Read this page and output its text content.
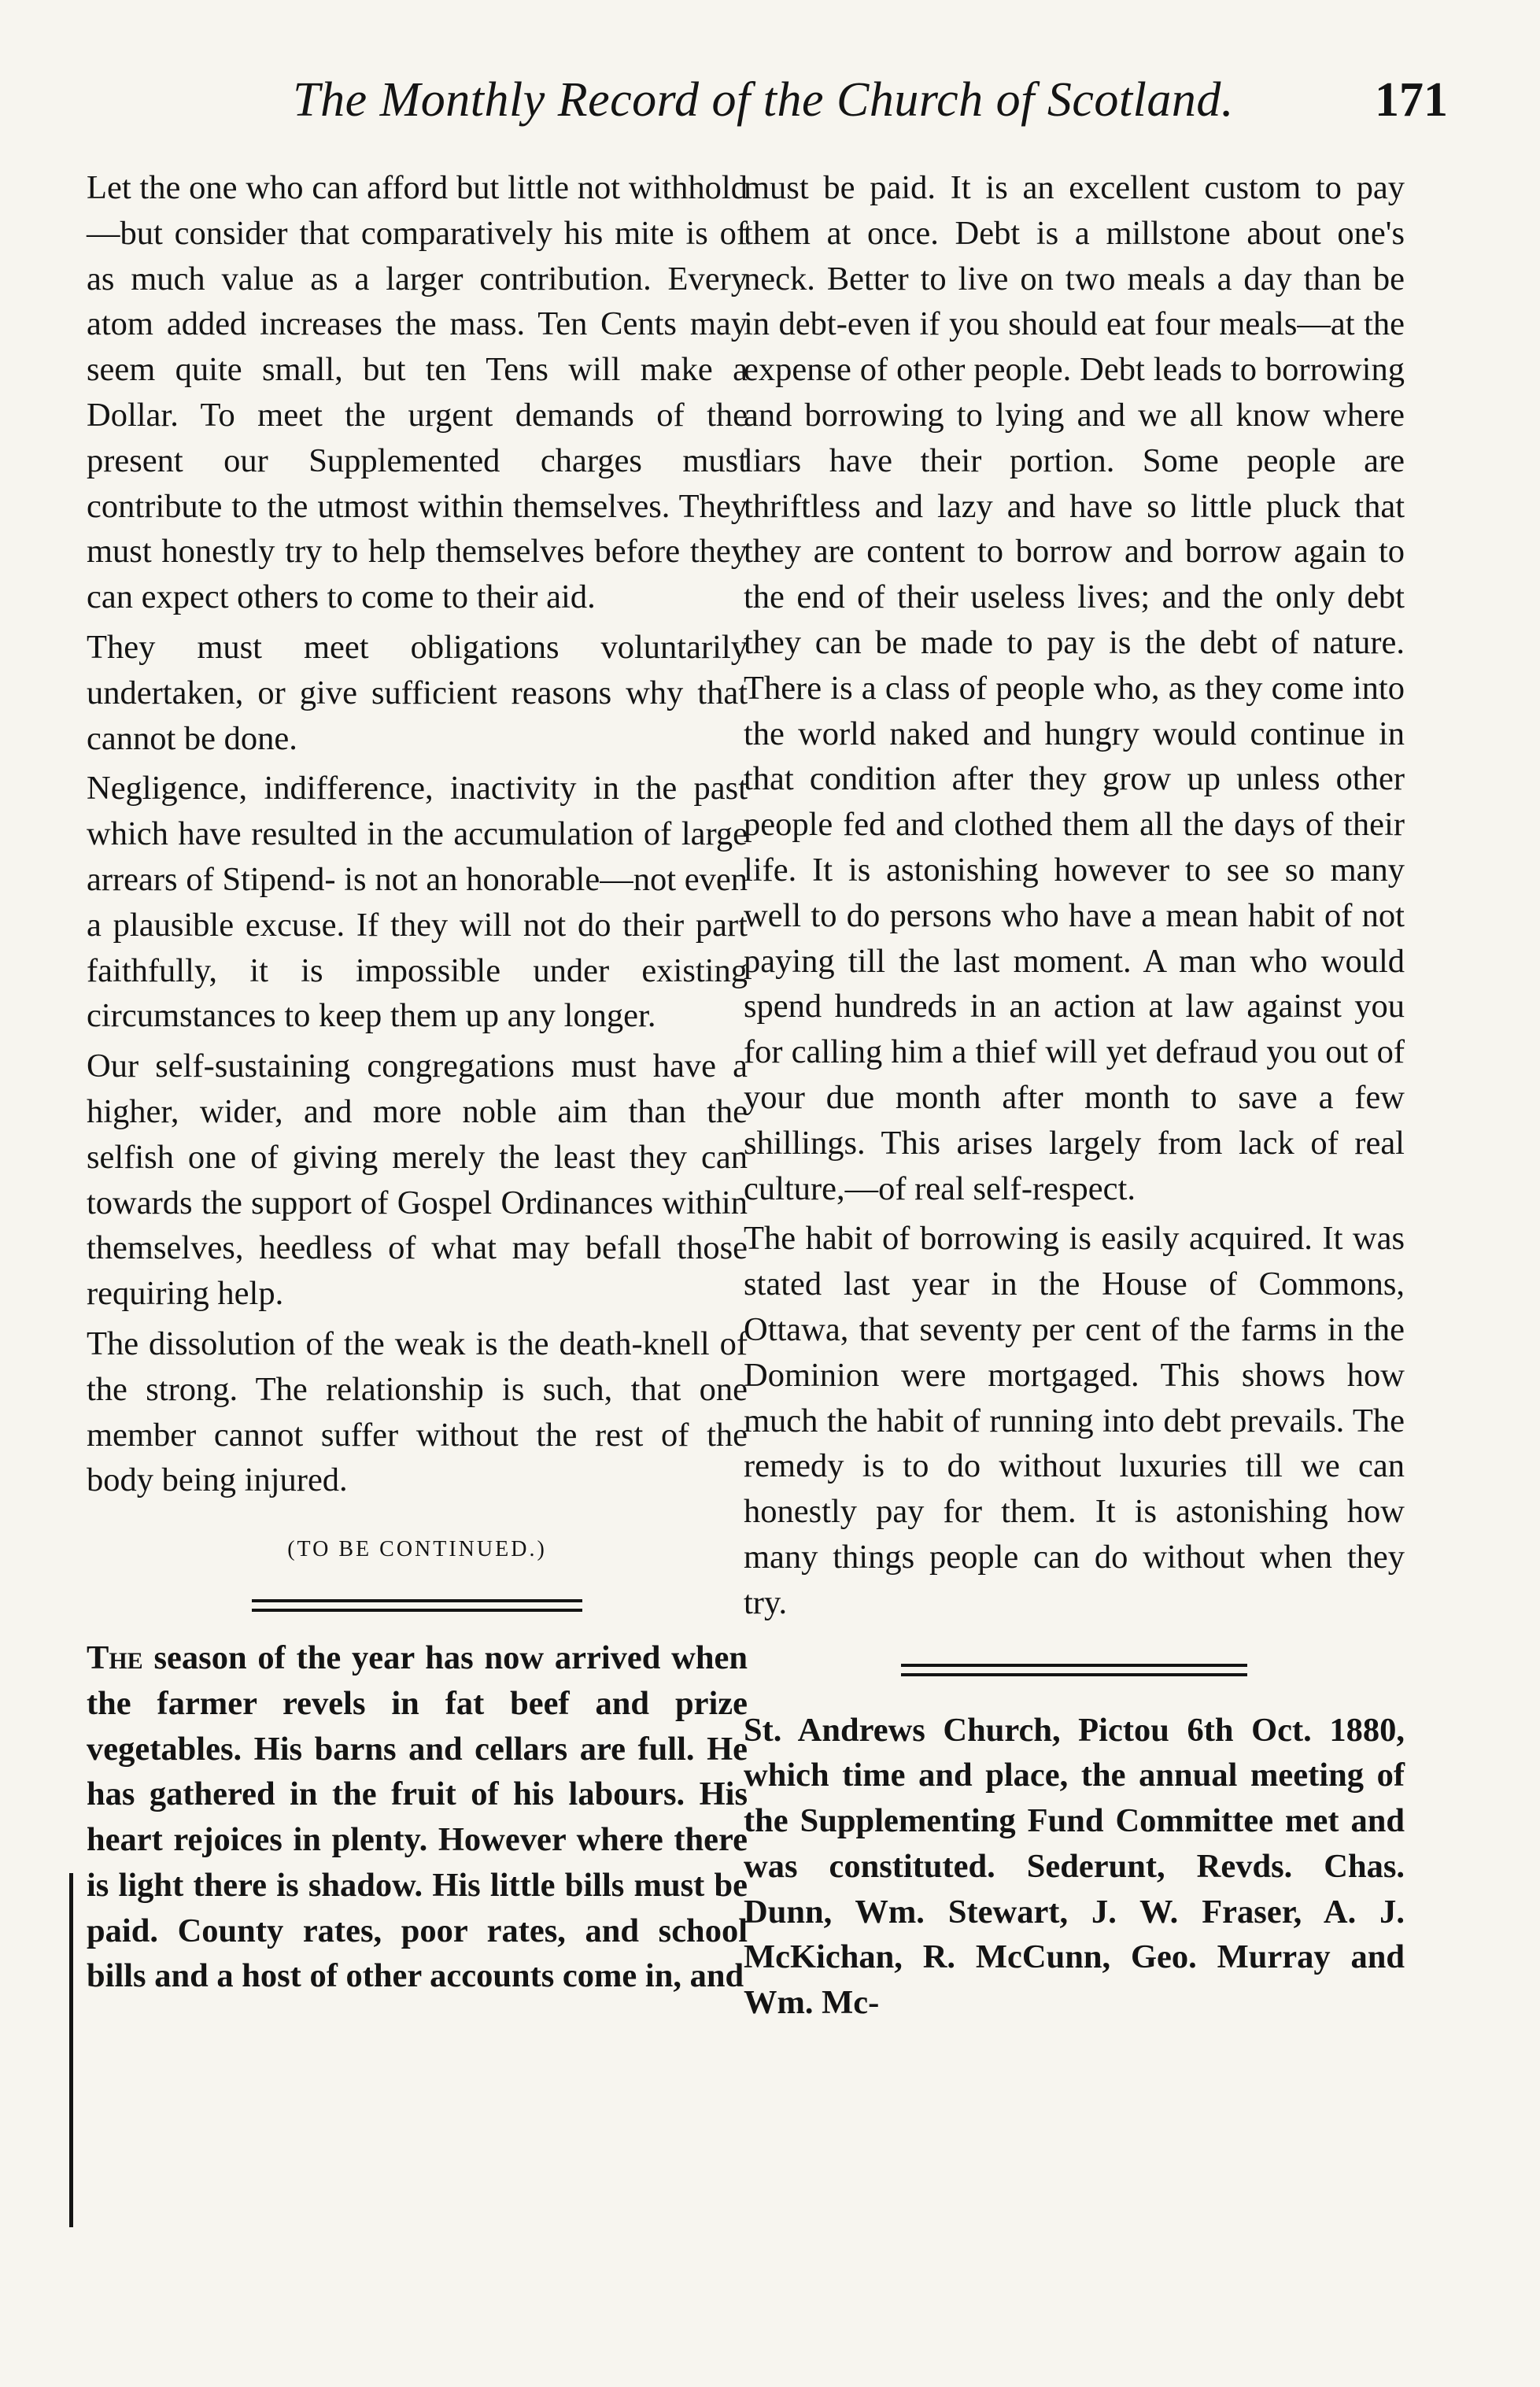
The Monthly Record of the Church of Scotland.	171

Let the one who can afford but little not withhold—but consider that comparatively his mite is of as much value as a larger contribution. Every atom added increases the mass. Ten Cents may seem quite small, but ten Tens will make a Dollar. To meet the urgent demands of the present our Supplemented charges must contribute to the utmost within themselves. They must honestly try to help themselves before they can expect others to come to their aid.

They must meet obligations voluntarily undertaken, or give sufficient reasons why that cannot be done.

Negligence, indifference, inactivity in the past which have resulted in the accumulation of large arrears of Stipend- is not an honorable—not even a plausible excuse. If they will not do their part faithfully, it is impossible under existing circumstances to keep them up any longer.

Our self-sustaining congregations must have a higher, wider, and more noble aim than the selfish one of giving merely the least they can towards the support of Gospel Ordinances within themselves, heedless of what may befall those requiring help.

The dissolution of the weak is the death-knell of the strong. The relationship is such, that one member cannot suffer without the rest of the body being injured.

(TO BE CONTINUED.)

The season of the year has now arrived when the farmer revels in fat beef and prize vegetables. His barns and cellars are full. He has gathered in the fruit of his labours. His heart rejoices in plenty. However where there is light there is shadow. His little bills must be paid. County rates, poor rates, and school bills and a host of other accounts come in, and

must be paid. It is an excellent custom to pay them at once. Debt is a millstone about one's neck. Better to live on two meals a day than be in debt-even if you should eat four meals—at the expense of other people. Debt leads to borrowing and borrowing to lying and we all know where liars have their portion. Some people are thriftless and lazy and have so little pluck that they are content to borrow and borrow again to the end of their useless lives; and the only debt they can be made to pay is the debt of nature. There is a class of people who, as they come into the world naked and hungry would continue in that condition after they grow up unless other people fed and clothed them all the days of their life. It is astonishing however to see so many well to do persons who have a mean habit of not paying till the last moment. A man who would spend hundreds in an action at law against you for calling him a thief will yet defraud you out of your due month after month to save a few shillings. This arises largely from lack of real culture,—of real self-respect.

The habit of borrowing is easily acquired. It was stated last year in the House of Commons, Ottawa, that seventy per cent of the farms in the Dominion were mortgaged. This shows how much the habit of running into debt prevails. The remedy is to do without luxuries till we can honestly pay for them. It is astonishing how many things people can do without when they try.

St. Andrews Church, Pictou 6th Oct. 1880, which time and place, the annual meeting of the Supplementing Fund Committee met and was constituted. Sederunt, Revds. Chas. Dunn, Wm. Stewart, J. W. Fraser, A. J. McKichan, R. McCunn, Geo. Murray and Wm. Mc-
